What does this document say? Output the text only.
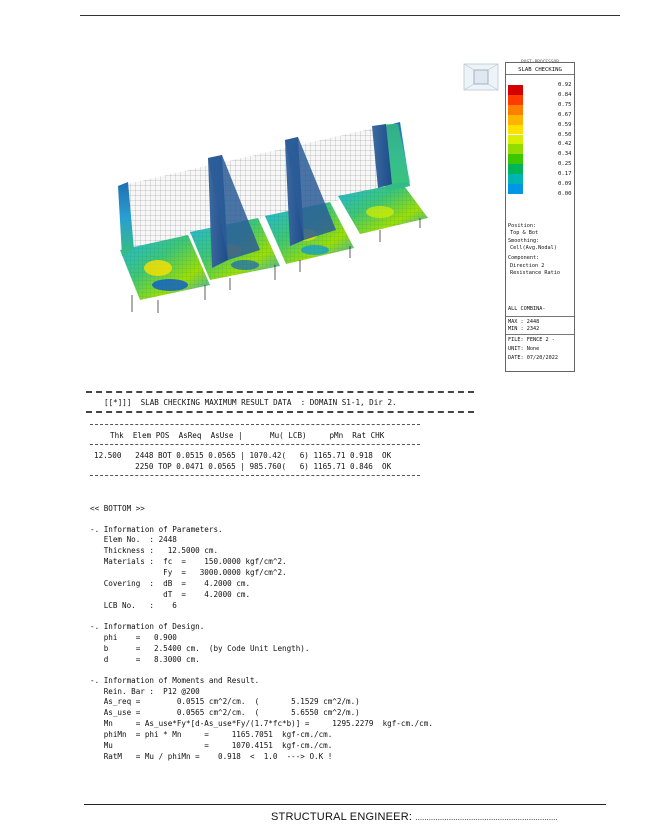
POST-PROCESSOR
SLAB CHECKING
0.92
0.84
0.75
0.67
0.59
0.50
0.42
0.34
0.25
0.17
0.09
0.00
Position:
Top & Bot
Smoothing:
Cell(Avg.Nodal)
Component:
Direction 2
Resistance Ratio
ALL COMBINA-
MAX : 2448
MIN : 2342
FILE: FENCE 2 -
UNIT: None
DATE: 07/20/2022
[[*]]]  SLAB CHECKING MAXIMUM RESULT DATA  : DOMAIN S1-1, Dir 2.
Thk  Elem POS  AsReq  AsUse |      Mu( LCB)     pMn  Rat CHK
12.500   2448 BOT 0.0515 0.0565 | 1070.42(   6) 1165.71 0.918  OK
2250 TOP 0.0471 0.0565 | 985.760(   6) 1165.71 0.846  OK
<< BOTTOM >>
-. Information of Parameters.
Elem No.  : 2448
Thickness :   12.5000 cm.
Materials :  fc  =    150.0000 kgf/cm^2.
Fy  =   3000.0000 kgf/cm^2.
Covering  :  dB  =    4.2000 cm.
dT  =    4.2000 cm.
LCB No.   :    6
-. Information of Design.
phi    =   0.900
b      =   2.5400 cm.  (by Code Unit Length).
d      =   8.3000 cm.
-. Information of Moments and Result.
Rein. Bar :  P12 @200
As_req =        0.0515 cm^2/cm.  (       5.1529 cm^2/m.)
As_use =        0.0565 cm^2/cm.  (       5.6550 cm^2/m.)
Mn     = As_use*Fy*[d-As_use*Fy/(1.7*fc*b)] =     1295.2279  kgf-cm./cm.
phiMn  = phi * Mn     =     1165.7051  kgf-cm./cm.
Mu                    =     1070.4151  kgf-cm./cm.
RatM   = Mu / phiMn =    0.918  <  1.0  ---> O.K !
STRUCTURAL ENGINEER: ................................................................
